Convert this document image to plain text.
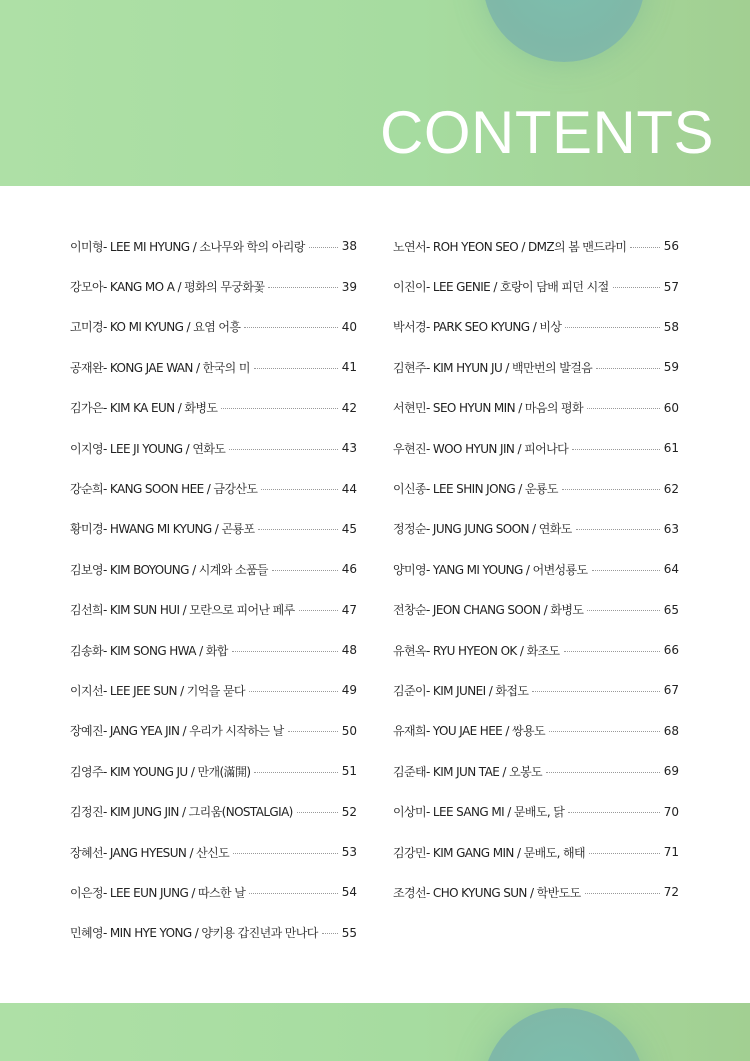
CONTENTS
이미형- LEE MI HYUNG / 소나무와 학의 아리랑	38
강모아- KANG MO A / 평화의 무궁화꽃	39
고미경- KO MI KYUNG / 요염 어흥	40
공재완- KONG JAE WAN / 한국의 미	41
김가은- KIM KA EUN / 화병도	42
이지영- LEE JI YOUNG / 연화도	43
강순희- KANG SOON HEE / 금강산도	44
황미경- HWANG MI KYUNG / 곤룡포	45
김보영- KIM BOYOUNG / 시계와 소품들	46
김선희- KIM SUN HUI / 모란으로 피어난 페루	47
김송화- KIM SONG HWA / 화합	48
이지선- LEE JEE SUN / 기억을 묻다	49
장예진- JANG YEA JIN / 우리가 시작하는 날	50
김영주- KIM YOUNG JU / 만개(滿開)	51
김정진- KIM JUNG JIN / 그리움(NOSTALGIA)	52
장혜선- JANG HYESUN / 산신도	53
이은정- LEE EUN JUNG / 따스한 날	54
민혜영- MIN HYE YONG / 양키용 갑진년과 만나다 55
노연서- ROH YEON SEO / DMZ의 봄 맨드라미	56
이진이- LEE GENIE / 호랑이 담배 피던 시절	57
박서경- PARK SEO KYUNG / 비상	58
김현주- KIM HYUN JU / 백만번의 발걸음	59
서현민- SEO HYUN MIN / 마음의 평화	60
우현진- WOO HYUN JIN / 피어나다	61
이신종- LEE SHIN JONG / 운룡도	62
정정순- JUNG JUNG SOON / 연화도	63
양미영- YANG MI YOUNG / 어변성룡도	64
전창순- JEON CHANG SOON / 화병도	65
유현옥- RYU HYEON OK / 화조도	66
김준이- KIM JUNEI / 화접도	67
유재희- YOU JAE HEE / 쌍용도	68
김준태- KIM JUN TAE / 오봉도	69
이상미- LEE SANG MI / 문배도, 닭	70
김강민- KIM GANG MIN / 문배도, 해태	71
조경선- CHO KYUNG SUN / 학반도도	72
